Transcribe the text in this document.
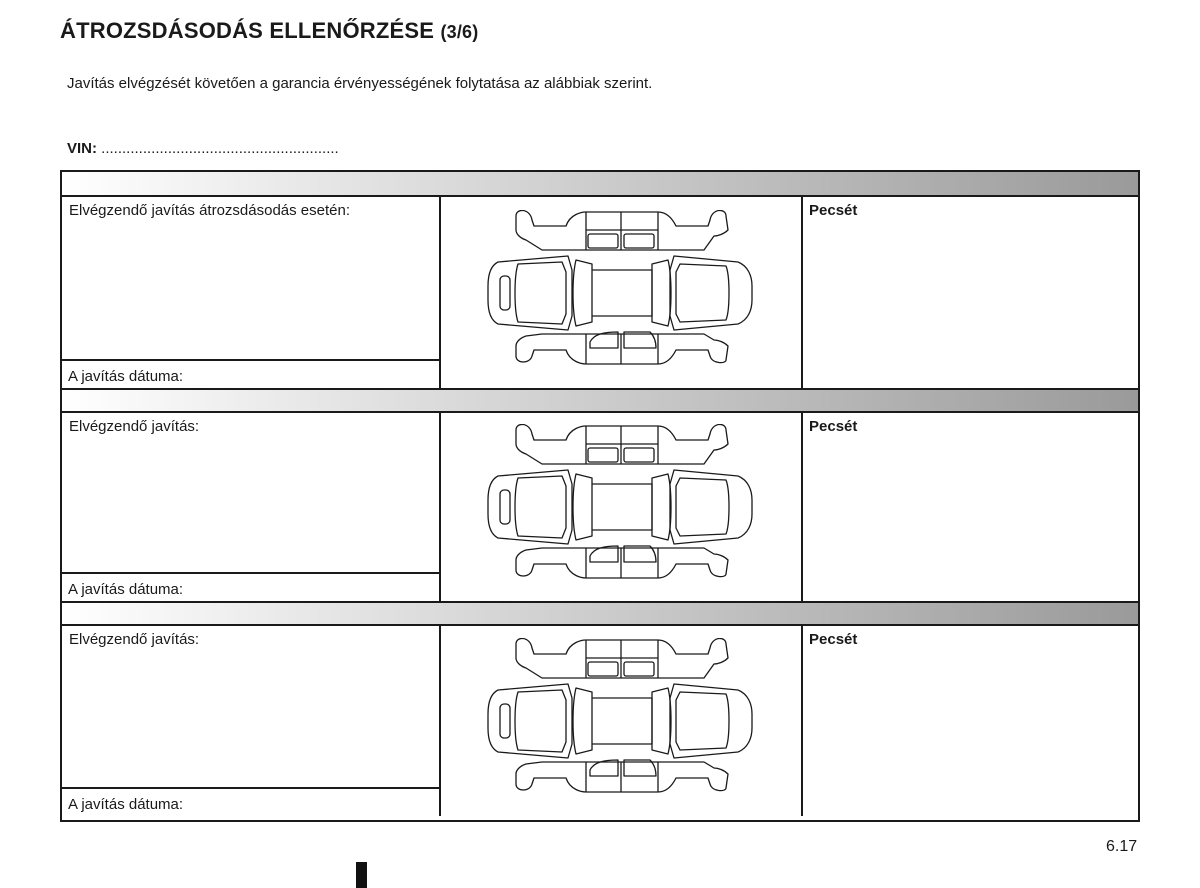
ÁTROZSDÁSODÁS ELLENŐRZÉSE (3/6)

Javítás elvégzését követően a garancia érvényességének folytatása az alábbiak szerint.

VIN: .........................................................

Elvégzendő javítás átrozsdásodás esetén:
A javítás dátuma:
Pecsét
Elvégzendő javítás:
A javítás dátuma:
Pecsét
Elvégzendő javítás:
A javítás dátuma:
Pecsét

6.17
